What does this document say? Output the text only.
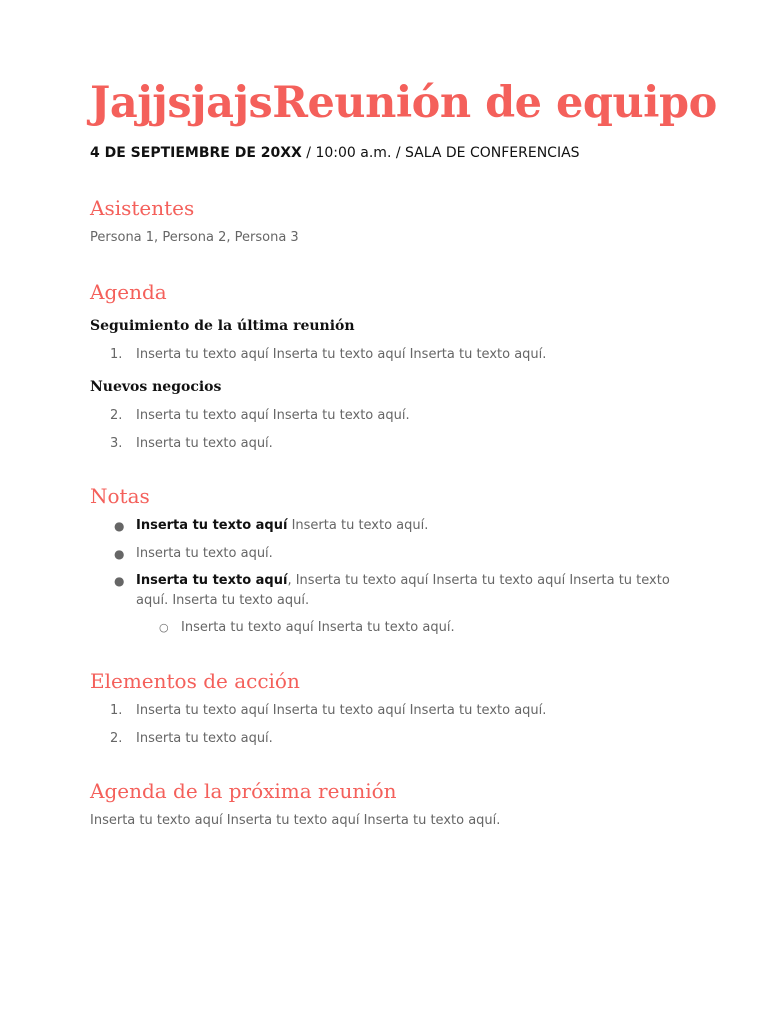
JajjsjajsReunión de equipo
4 DE SEPTIEMBRE DE 20XX / 10:00 a.m. / SALA DE CONFERENCIAS
Asistentes
Persona 1, Persona 2, Persona 3
Agenda
Seguimiento de la última reunión
1. Inserta tu texto aquí Inserta tu texto aquí Inserta tu texto aquí.
Nuevos negocios
2. Inserta tu texto aquí Inserta tu texto aquí.
3. Inserta tu texto aquí.
Notas
● Inserta tu texto aquí Inserta tu texto aquí.
● Inserta tu texto aquí.
● Inserta tu texto aquí, Inserta tu texto aquí Inserta tu texto aquí Inserta tu texto aquí. Inserta tu texto aquí.
○ Inserta tu texto aquí Inserta tu texto aquí.
Elementos de acción
1. Inserta tu texto aquí Inserta tu texto aquí Inserta tu texto aquí.
2. Inserta tu texto aquí.
Agenda de la próxima reunión
Inserta tu texto aquí Inserta tu texto aquí Inserta tu texto aquí.
